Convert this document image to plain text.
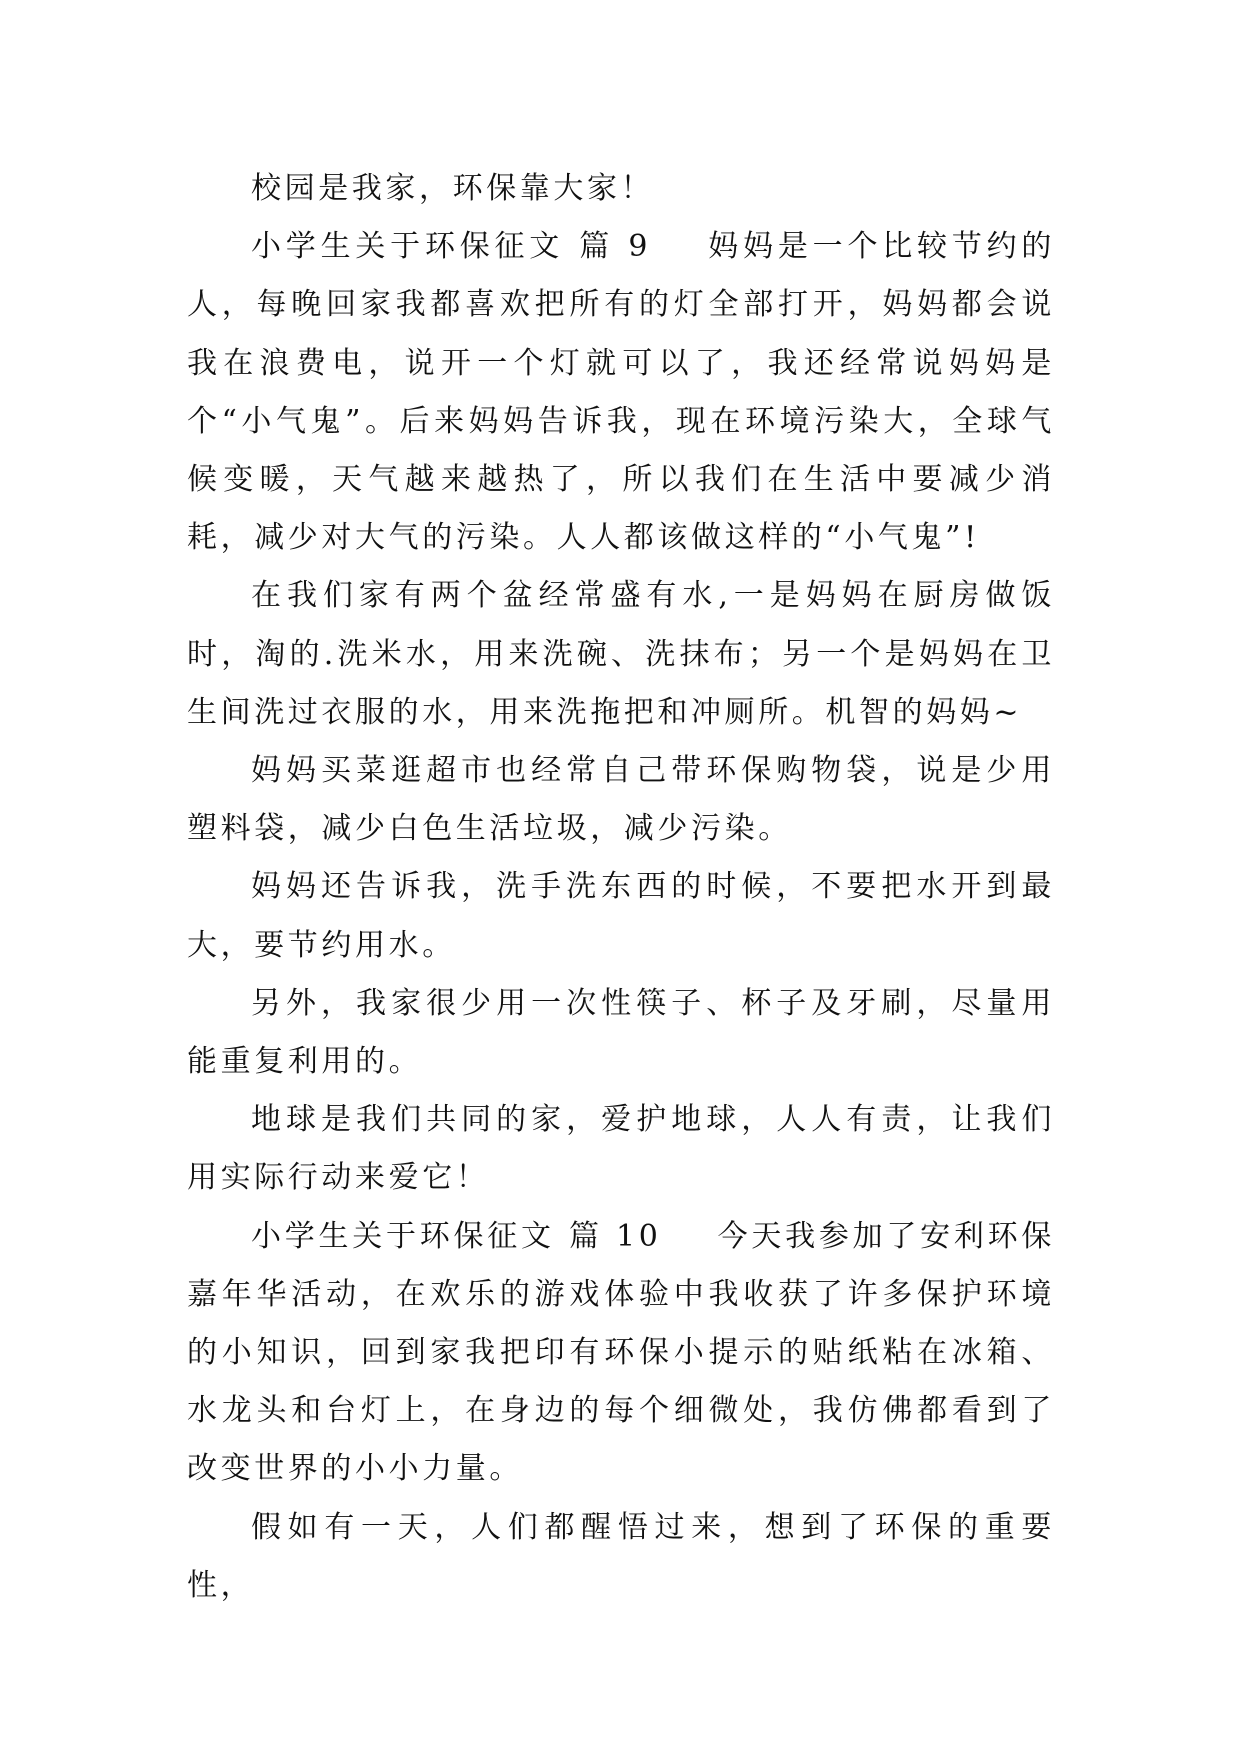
校园是我家，环保靠大家！

小学生关于环保征文 篇 9 妈妈是一个比较节约的人，每晚回家我都喜欢把所有的灯全部打开，妈妈都会说我在浪费电，说开一个灯就可以了，我还经常说妈妈是个“小气鬼”。后来妈妈告诉我，现在环境污染大，全球气候变暖，天气越来越热了，所以我们在生活中要减少消耗，减少对大气的污染。人人都该做这样的“小气鬼”!

在我们家有两个盆经常盛有水,一是妈妈在厨房做饭时，淘的.洗米水，用来洗碗、洗抹布；另一个是妈妈在卫生间洗过衣服的水，用来洗拖把和冲厕所。机智的妈妈~

妈妈买菜逛超市也经常自己带环保购物袋，说是少用塑料袋，减少白色生活垃圾，减少污染。

妈妈还告诉我，洗手洗东西的时候，不要把水开到最大，要节约用水。

另外，我家很少用一次性筷子、杯子及牙刷，尽量用能重复利用的。

地球是我们共同的家，爱护地球，人人有责，让我们用实际行动来爱它！

小学生关于环保征文 篇 10 今天我参加了安利环保嘉年华活动，在欢乐的游戏体验中我收获了许多保护环境的小知识，回到家我把印有环保小提示的贴纸粘在冰箱、水龙头和台灯上，在身边的每个细微处，我仿佛都看到了改变世界的小小力量。

假如有一天，人们都醒悟过来，想到了环保的重要性，
